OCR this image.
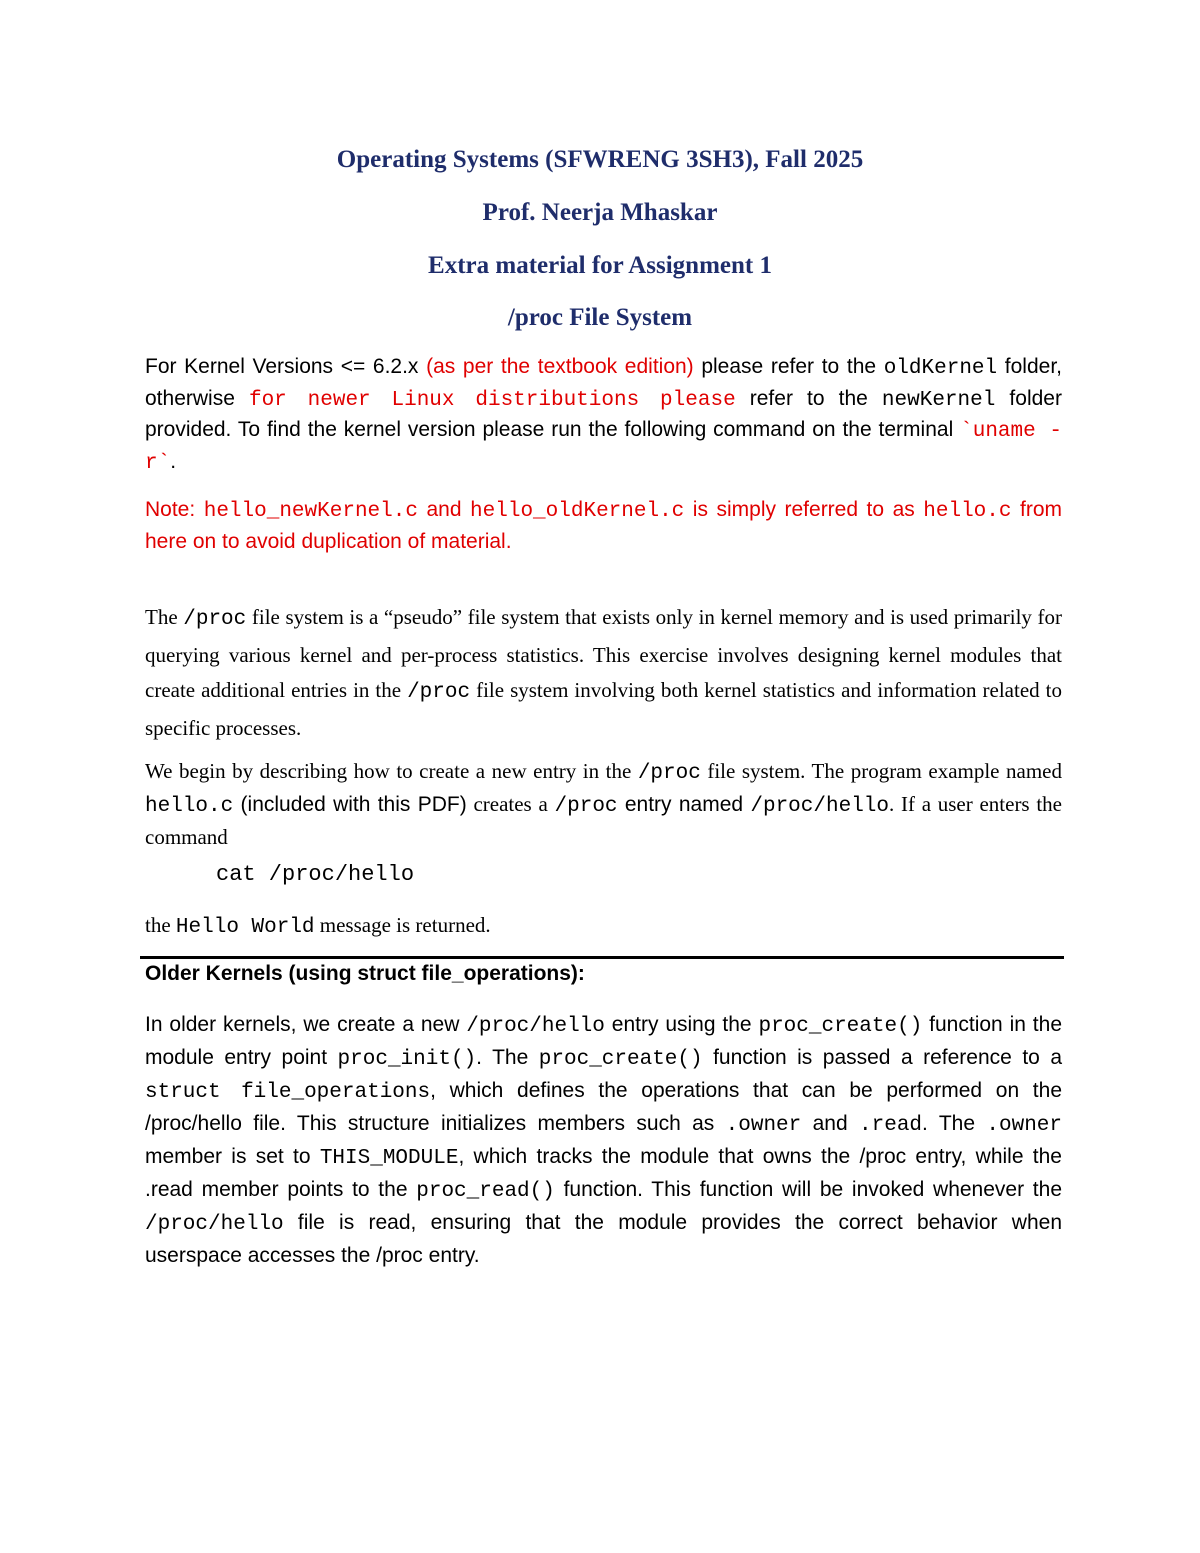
Operating Systems (SFWRENG 3SH3), Fall 2025
Prof. Neerja Mhaskar
Extra material for Assignment 1
/proc File System

For Kernel Versions <= 6.2.x (as per the textbook edition) please refer to the oldKernel folder, otherwise for newer Linux distributions please refer to the newKernel folder provided. To find the kernel version please run the following command on the terminal `uname -r`.

Note: hello_newKernel.c and hello_oldKernel.c is simply referred to as hello.c from here on to avoid duplication of material.

The /proc file system is a “pseudo” file system that exists only in kernel memory and is used primarily for querying various kernel and per-process statistics. This exercise involves designing kernel modules that create additional entries in the /proc file system involving both kernel statistics and information related to specific processes.

We begin by describing how to create a new entry in the /proc file system. The program example named hello.c (included with this PDF) creates a /proc entry named /proc/hello. If a user enters the command

cat /proc/hello

the Hello World message is returned.

Older Kernels (using struct file_operations):

In older kernels, we create a new /proc/hello entry using the proc_create() function in the module entry point proc_init(). The proc_create() function is passed a reference to a struct file_operations, which defines the operations that can be performed on the /proc/hello file. This structure initializes members such as .owner and .read. The .owner member is set to THIS_MODULE, which tracks the module that owns the /proc entry, while the .read member points to the proc_read() function. This function will be invoked whenever the /proc/hello file is read, ensuring that the module provides the correct behavior when userspace accesses the /proc entry.
